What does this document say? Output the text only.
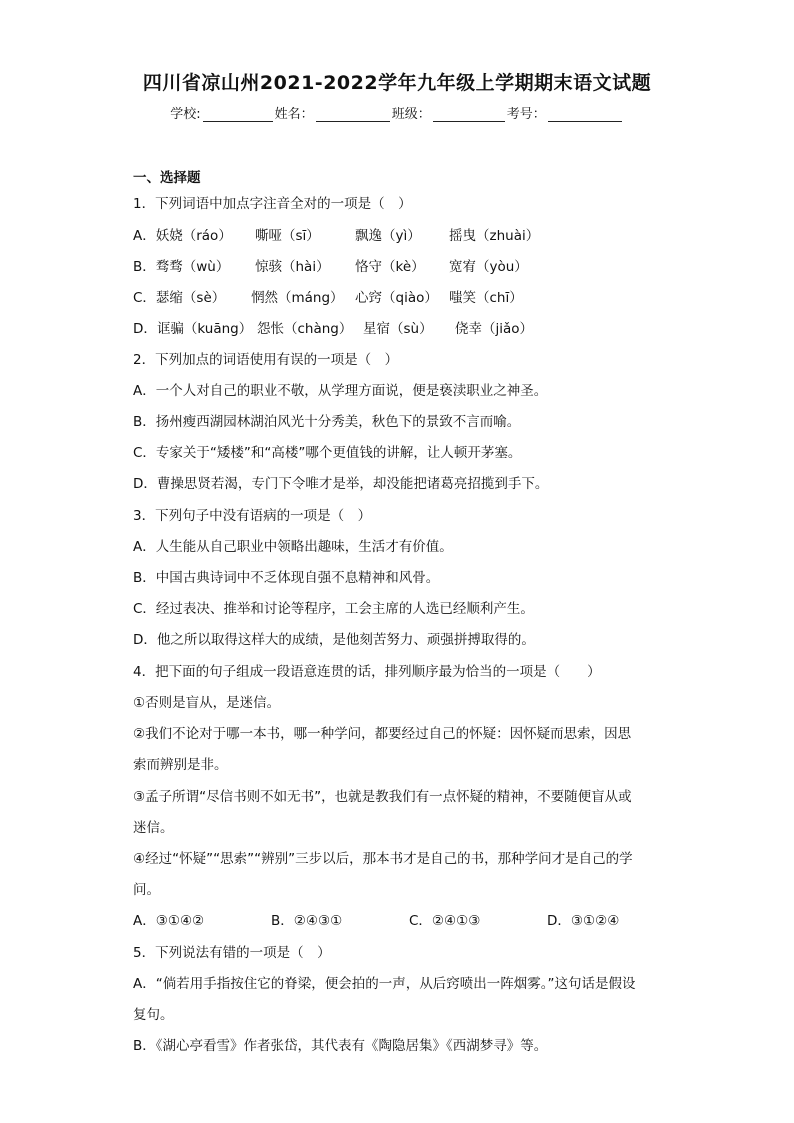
四川省凉山州2021-2022学年九年级上学期期末语文试题
学校:	姓名：	班级：	考号：
一、选择题
1．下列词语中加点字注音全对的一项是（　）
A．妖娆（ráo） 嘶哑（sī）	飘逸（yì） 摇曳（zhuài）
B．骛骛（wù） 惊骇（hài） 恪守（kè） 宽宥（yòu）
C．瑟缩（sè） 惘然（máng） 心窍（qiào） 嗤笑（chī）
D．诓骗（kuāng） 怨怅（chàng） 星宿（sù） 侥幸（jiǎo）
2．下列加点的词语使用有误的一项是（　）
A．一个人对自己的职业不敬，从学理方面说，便是亵渎职业之神圣。
B．扬州瘦西湖园林湖泊风光十分秀美，秋色下的景致不言而喻。
C．专家关于“矮楼”和“高楼”哪个更值钱的讲解，让人顿开茅塞。
D．曹操思贤若渴，专门下令唯才是举，却没能把诸葛亮招揽到手下。
3．下列句子中没有语病的一项是（　）
A．人生能从自己职业中领略出趣味，生活才有价值。
B．中国古典诗词中不乏体现自强不息精神和风骨。
C．经过表决、推举和讨论等程序，工会主席的人选已经顺利产生。
D．他之所以取得这样大的成绩，是他刻苦努力、顽强拼搏取得的。
4．把下面的句子组成一段语意连贯的话，排列顺序最为恰当的一项是（　　）
①否则是盲从，是迷信。
②我们不论对于哪一本书，哪一种学问，都要经过自己的怀疑：因怀疑而思索，因思
索而辨别是非。
③孟子所谓“尽信书则不如无书”，也就是教我们有一点怀疑的精神，不要随便盲从或
迷信。
④经过“怀疑”“思索”“辨别”三步以后，那本书才是自己的书，那种学问才是自己的学
问。
A．③①④②	B．②④③①	C．②④①③	D．③①②④
5．下列说法有错的一项是（　）
A．“倘若用手指按住它的脊梁，便会拍的一声，从后窍喷出一阵烟雾。”这句话是假设
复句。
B．《湖心亭看雪》作者张岱，其代表有《陶隐居集》《西湖梦寻》等。
